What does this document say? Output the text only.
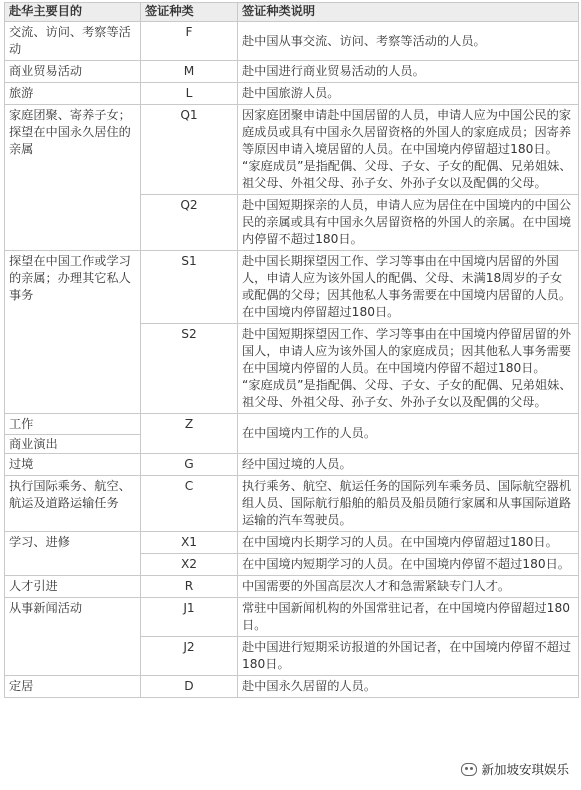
赴华主要目的	签证种类	签证种类说明
交流、访问、考察等活动	F	赴中国从事交流、访问、考察等活动的人员。
商业贸易活动	M	赴中国进行商业贸易活动的人员。
旅游	L	赴中国旅游人员。
家庭团聚、寄养子女；探望在中国永久居住的亲属	Q1	因家庭团聚申请赴中国居留的人员，申请人应为中国公民的家庭成员或具有中国永久居留资格的外国人的家庭成员；因寄养等原因申请入境居留的人员。在中国境内停留超过180日。
“家庭成员”是指配偶、父母、子女、子女的配偶、兄弟姐妹、祖父母、外祖父母、孙子女、外孙子女以及配偶的父母。

	Q2	赴中国短期探亲的人员，申请人应为居住在中国境内的中国公民的亲属或具有中国永久居留资格的外国人的亲属。在中国境内停留不超过180日。
探望在中国工作或学习的亲属；办理其它私人事务	S1	赴中国长期探望因工作、学习等事由在中国境内居留的外国人，申请人应为该外国人的配偶、父母、未满18周岁的子女或配偶的父母；因其他私人事务需要在中国境内居留的人员。在中国境内停留超过180日。
	S2	赴中国短期探望因工作、学习等事由在中国境内停留居留的外国人，申请人应为该外国人的家庭成员；因其他私人事务需要在中国境内停留的人员。在中国境内停留不超过180日。
“家庭成员”是指配偶、父母、子女、子女的配偶、兄弟姐妹、祖父母、外祖父母、孙子女、外孙子女以及配偶的父母。

工作
商业演出	Z	在中国境内工作的人员。
过境	G	经中国过境的人员。
执行国际乘务、航空、航运及道路运输任务	C	执行乘务、航空、航运任务的国际列车乘务员、国际航空器机组人员、国际航行船舶的船员及船员随行家属和从事国际道路运输的汽车驾驶员。
学习、进修	X1	在中国境内长期学习的人员。在中国境内停留超过180日。
	X2	在中国境内短期学习的人员。在中国境内停留不超过180日。
人才引进	R	中国需要的外国高层次人才和急需紧缺专门人才。
从事新闻活动	J1	常驻中国新闻机构的外国常驻记者，在中国境内停留超过180日。
	J2	赴中国进行短期采访报道的外国记者，在中国境内停留不超过180日。
定居	D	赴中国永久居留的人员。
新加坡安琪娱乐
